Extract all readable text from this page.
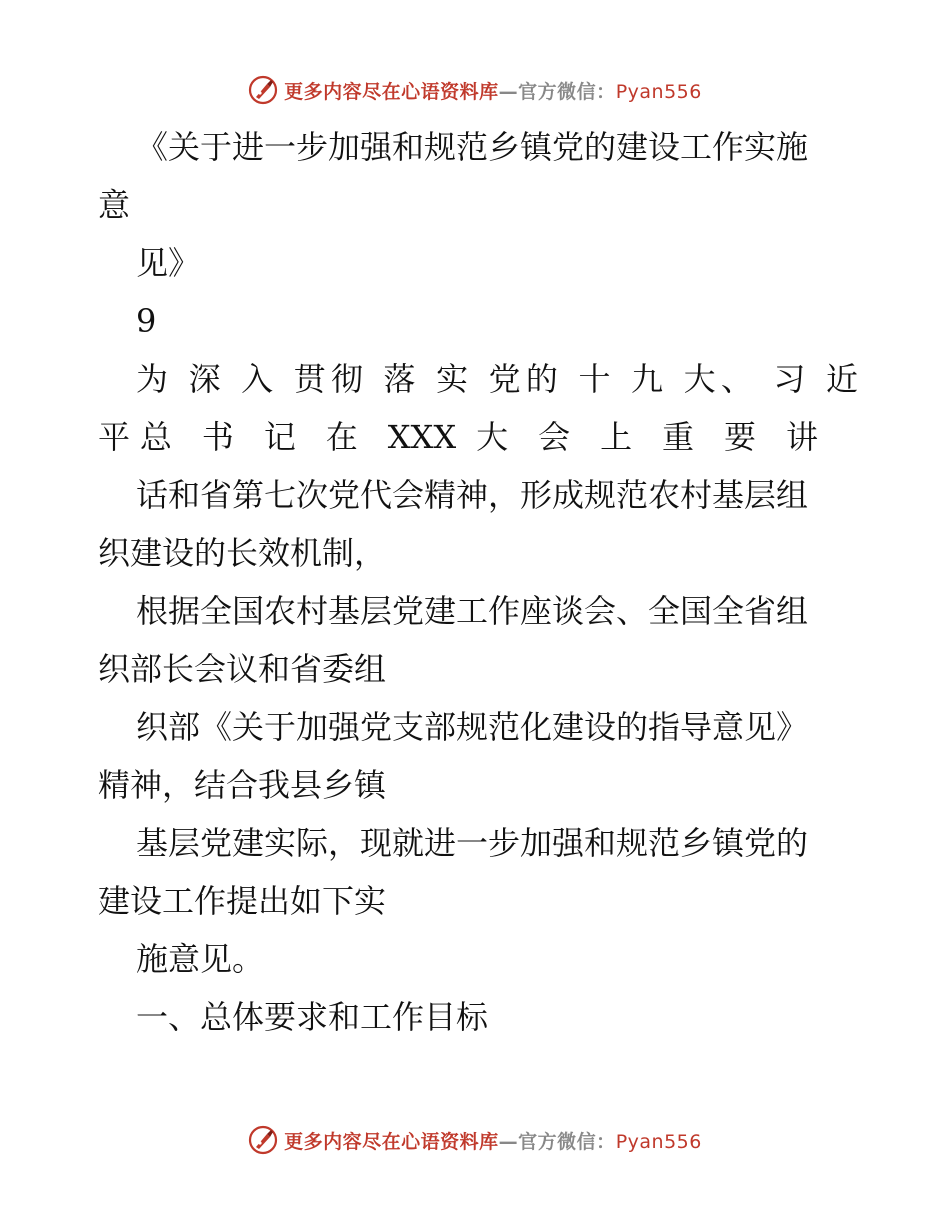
更多内容尽在心语资料库—官方微信：Pyan556
《关于进一步加强和规范乡镇党的建设工作实施
意
见》
9
为 深 入 贯彻 落 实 党的 十 九 大、 习 近
平总 书 记 在 XXX 大 会 上 重 要 讲
话和省第七次党代会精神，形成规范农村基层组
织建设的长效机制，
根据全国农村基层党建工作座谈会、全国全省组
织部长会议和省委组
织部《关于加强党支部规范化建设的指导意见》
精神，结合我县乡镇
基层党建实际，现就进一步加强和规范乡镇党的
建设工作提出如下实
施意见。
一、总体要求和工作目标
更多内容尽在心语资料库—官方微信：Pyan556
